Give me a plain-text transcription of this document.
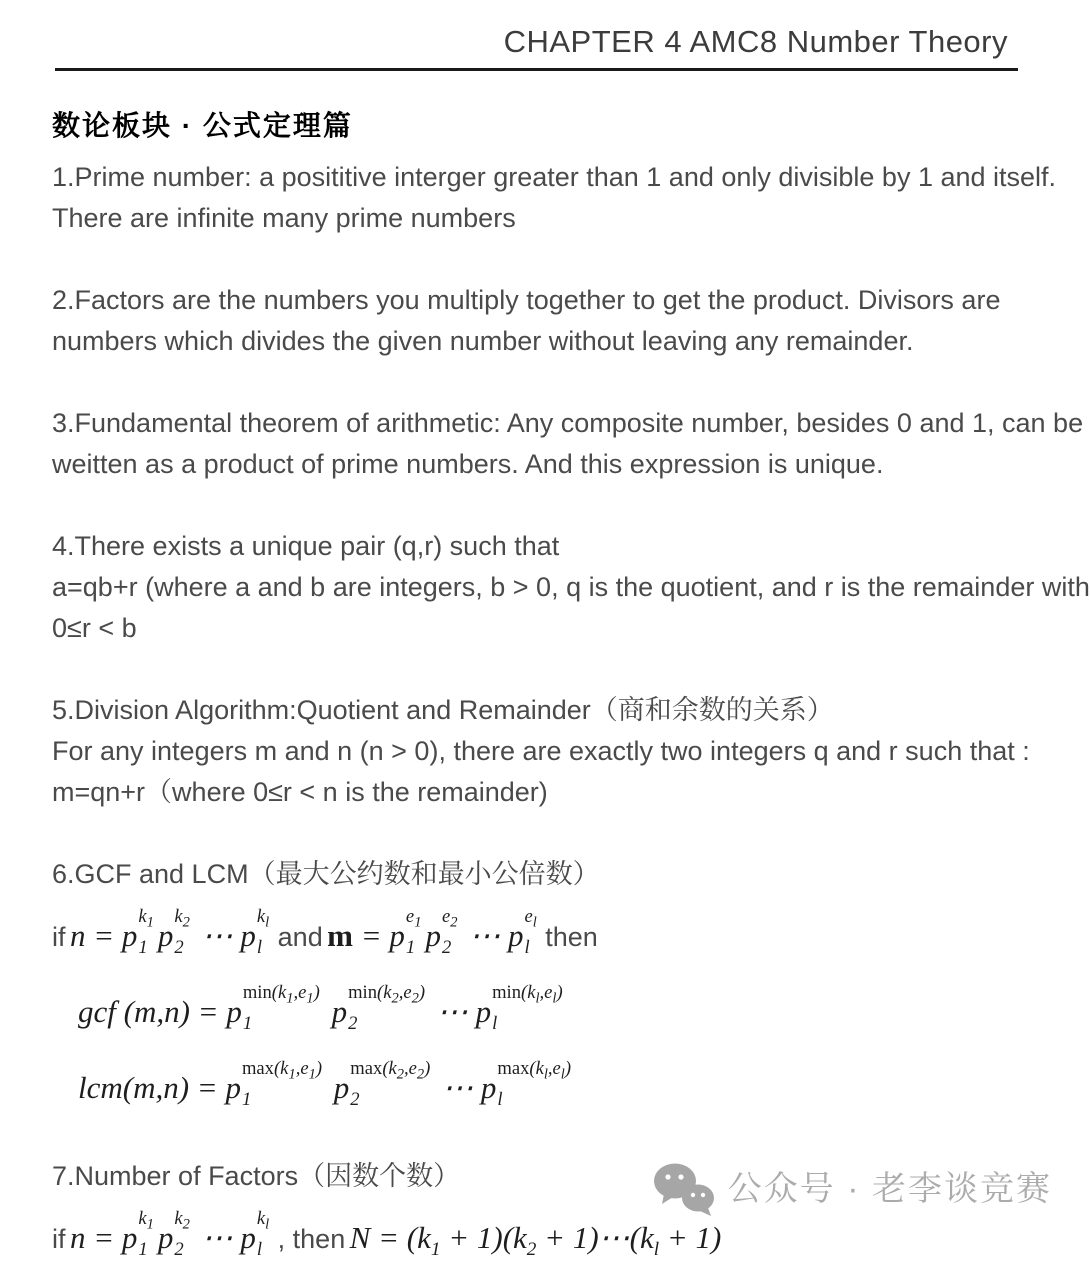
CHAPTER 4 AMC8 Number Theory
数论板块 · 公式定理篇
1.Prime number: a posititive interger greater than 1 and only divisible by 1 and itself.
There are infinite many prime numbers
2.Factors are the numbers you multiply together to get the product. Divisors are
numbers which divides the given number without leaving any remainder.
3.Fundamental theorem of arithmetic: Any composite number, besides 0 and 1, can be
weitten as a product of prime numbers. And this expression is unique.
4.There exists a unique pair (q,r) such that
a=qb+r (where a and b are integers, b > 0, q is the quotient, and r is the remainder with
0≤r < b
5.Division Algorithm:Quotient and Remainder（商和余数的关系）
For any integers m and n (n > 0), there are exactly two integers q and r such that :
m=qn+r（where 0≤r < n is the remainder)
6.GCF and LCM（最大公约数和最小公倍数）
if n = p
$k_1$
1 p
$k_2$
2 ⋯ p
$k_l$
l and m = p
$e_1$
1 p
$e_2$
2 ⋯ p
$e_l$
l then
gcf (m,n) = p
$\min(k_1,e_1)$
1	p
$\min(k_2,e_2)$
2	⋯ p
$\min(k_l,e_l)$
l
lcm(m,n) = p
$\max(k_1,e_1)$
1	p
$\max(k_2,e_2)$
2	⋯ p
$\max(k_l,e_l)$
l
7.Number of Factors（因数个数）
if n = p
$k_1$
1 p
$k_2$
2 ⋯ p
$k_l$
l , then $N = (k_1 + 1)(k_2$ + $1)\cdots(k_l + 1)$
公众号 · 老李谈竞赛
